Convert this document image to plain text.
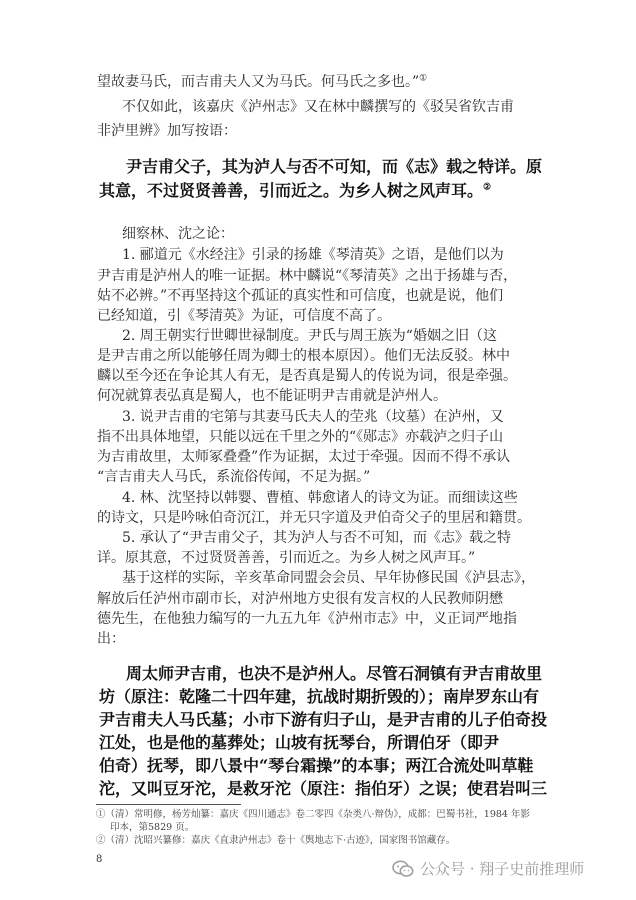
望故妻马氏，而吉甫夫人又为马氏。何马氏之多也。”①
不仅如此，该嘉庆《泸州志》又在林中麟撰写的《驳吴省钦吉甫
非泸里辨》加写按语：
尹吉甫父子，其为泸人与否不可知，而《志》载之特详。原
其意，不过贤贤善善，引而近之。为乡人树之风声耳。②
细察林、沈之论：
1. 郦道元《水经注》引录的扬雄《琴清英》之语，是他们以为
尹吉甫是泸州人的唯一证据。林中麟说“《琴清英》之出于扬雄与否，
姑不必辨。”不再坚持这个孤证的真实性和可信度，也就是说，他们
已经知道，引《琴清英》为证，可信度不高了。
2. 周王朝实行世卿世禄制度。尹氏与周王族为“婚姻之旧（这
是尹吉甫之所以能够任周为卿士的根本原因）。他们无法反驳。林中
麟以至今还在争论其人有无，是否真是蜀人的传说为词，很是牵强。
何况就算表弘真是蜀人，也不能证明尹吉甫就是泸州人。
3. 说尹吉甫的宅第与其妻马氏夫人的茔兆（坟墓）在泸州，又
指不出具体地望，只能以远在千里之外的“《郧志》亦载泸之归子山
为吉甫故里，太师冢叠叠”作为证据，太过于牵强。因而不得不承认
“言吉甫夫人马氏，系流俗传闻，不足为据。”
4. 林、沈坚持以韩婴、曹植、韩愈诸人的诗文为证。而细读这些
的诗文，只是吟咏伯奇沉江，并无只字道及尹伯奇父子的里居和籍贯。
5. 承认了“尹吉甫父子，其为泸人与否不可知，而《志》载之特
详。原其意，不过贤贤善善，引而近之。为乡人树之风声耳。”
基于这样的实际，辛亥革命同盟会会员、早年协修民国《泸县志》，
解放后任泸州市副市长，对泸州地方史很有发言权的人民教师阴懋
德先生，在他独力编写的一九五九年《泸州市志》中，义正词严地指
出：
周太师尹吉甫，也决不是泸州人。尽管石洞镇有尹吉甫故里
坊（原注：乾隆二十四年建，抗战时期折毁的）；南岸罗东山有
尹吉甫夫人马氏墓；小市下游有归子山，是尹吉甫的儿子伯奇投
江处，也是他的墓葬处；山坡有抚琴台，所谓伯牙（即尹
伯奇）抚琴，即八景中“琴台霜操”的本事；两江合流处叫草鞋
沱，又叫豆牙沱，是救牙沱（原注：指伯牙）之误；使君岩叫三
①（清）常明修，杨芳灿纂：嘉庆《四川通志》卷二零四《杂类八·辩伪》，成都：巴蜀书社，1984 年影
印本，第5829 页。
②（清）沈昭兴纂修：嘉庆《直隶泸州志》卷十《舆地志下·古迹》，国家图书馆藏存。
8
公众号 · 翔子史前推理师
